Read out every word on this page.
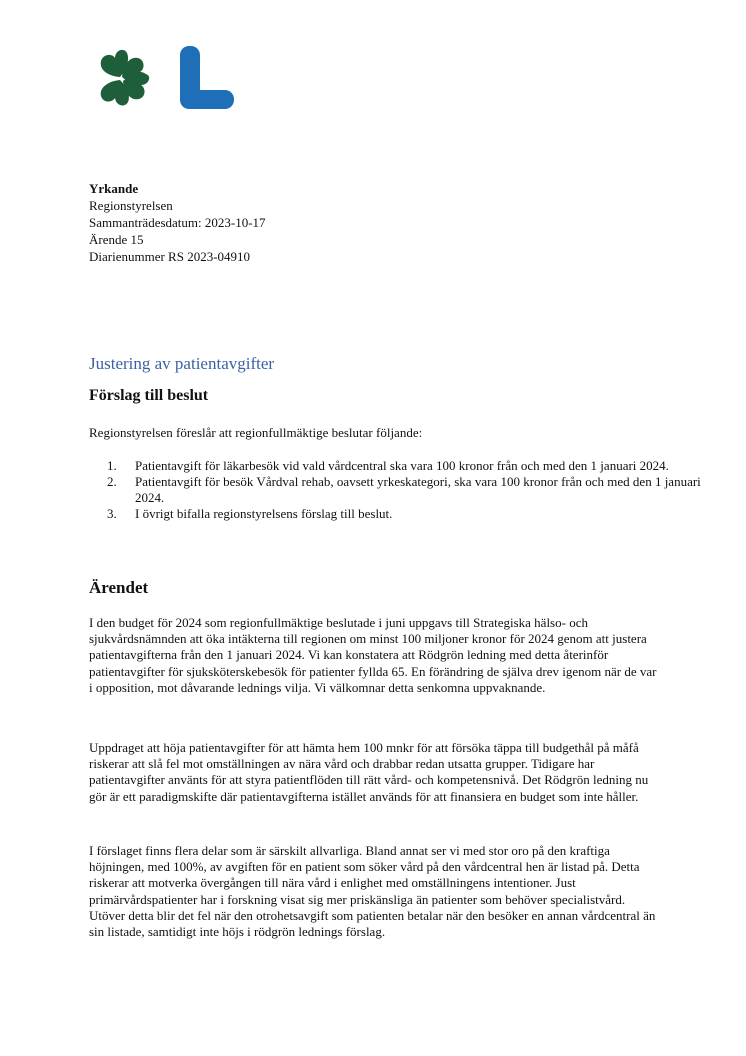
Yrkande
Regionstyrelsen
Sammanträdesdatum: 2023-10-17
Ärende 15
Diarienummer RS 2023-04910
Justering av patientavgifter
Förslag till beslut
Regionstyrelsen föreslår att regionfullmäktige beslutar följande:
1. Patientavgift för läkarbesök vid vald vårdcentral ska vara 100 kronor från och med den 1 januari 2024.
2. Patientavgift för besök Vårdval rehab, oavsett yrkeskategori, ska vara 100 kronor från och med den 1 januari 2024.
3. I övrigt bifalla regionstyrelsens förslag till beslut.
Ärendet

I den budget för 2024 som regionfullmäktige beslutade i juni uppgavs till Strategiska hälso- och sjukvårdsnämnden att öka intäkterna till regionen om minst 100 miljoner kronor för 2024 genom att justera patientavgifterna från den 1 januari 2024. Vi kan konstatera att Rödgrön ledning med detta återinför patientavgifter för sjuksköterskebesök för patienter fyllda 65. En förändring de själva drev igenom när de var i opposition, mot dåvarande lednings vilja. Vi välkomnar detta senkomna uppvaknande.

Uppdraget att höja patientavgifter för att hämta hem 100 mnkr för att försöka täppa till budgethål på måfå riskerar att slå fel mot omställningen av nära vård och drabbar redan utsatta grupper. Tidigare har patientavgifter använts för att styra patientflöden till rätt vård- och kompetensnivå. Det Rödgrön ledning nu gör är ett paradigmskifte där patientavgifterna istället används för att finansiera en budget som inte håller.

I förslaget finns flera delar som är särskilt allvarliga. Bland annat ser vi med stor oro på den kraftiga höjningen, med 100%, av avgiften för en patient som söker vård på den vårdcentral hen är listad på. Detta riskerar att motverka övergången till nära vård i enlighet med omställningens intentioner. Just primärvårdspatienter har i forskning visat sig mer priskänsliga än patienter som behöver specialistvård. Utöver detta blir det fel när den otrohetsavgift som patienten betalar när den besöker en annan vårdcentral än sin listade, samtidigt inte höjs i rödgrön lednings förslag.
